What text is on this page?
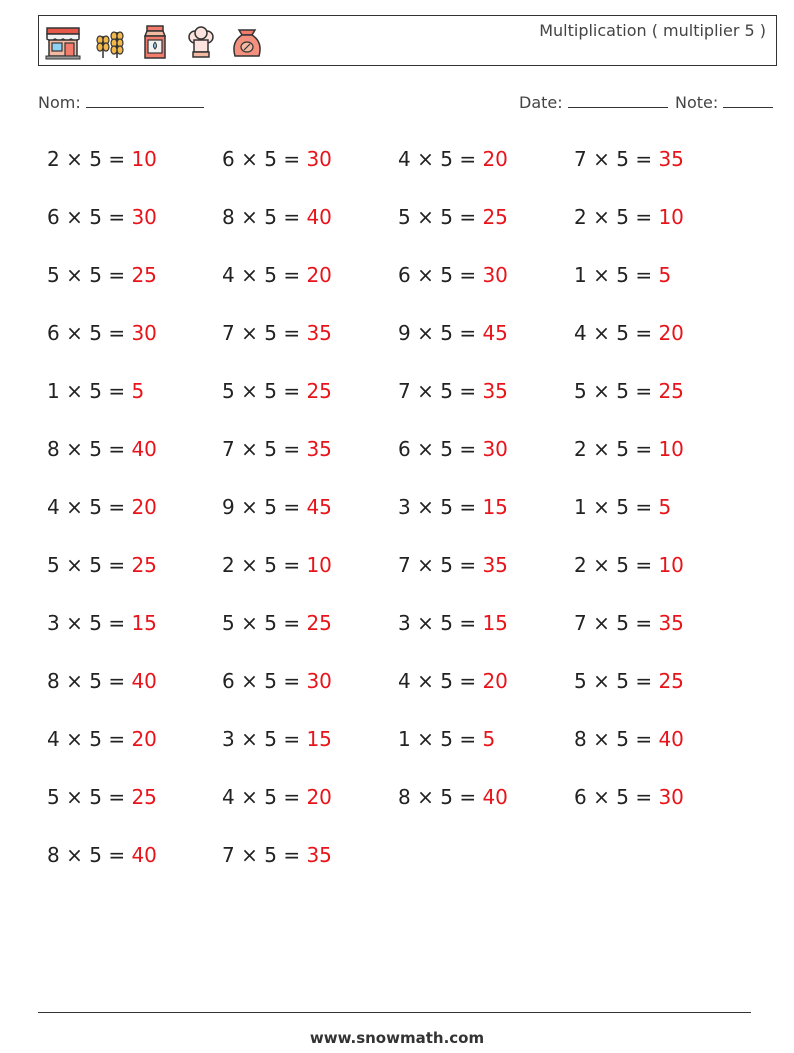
Multiplication ( multiplier 5 )
Nom:	Date:	Note:
2 × 5 = 10	6 × 5 = 30	4 × 5 = 20	7 × 5 = 35
6 × 5 = 30	8 × 5 = 40	5 × 5 = 25	2 × 5 = 10
5 × 5 = 25	4 × 5 = 20	6 × 5 = 30	1 × 5 = 5
6 × 5 = 30	7 × 5 = 35	9 × 5 = 45	4 × 5 = 20
1 × 5 = 5	5 × 5 = 25	7 × 5 = 35	5 × 5 = 25
8 × 5 = 40	7 × 5 = 35	6 × 5 = 30	2 × 5 = 10
4 × 5 = 20	9 × 5 = 45	3 × 5 = 15	1 × 5 = 5
5 × 5 = 25	2 × 5 = 10	7 × 5 = 35	2 × 5 = 10
3 × 5 = 15	5 × 5 = 25	3 × 5 = 15	7 × 5 = 35
8 × 5 = 40	6 × 5 = 30	4 × 5 = 20	5 × 5 = 25
4 × 5 = 20	3 × 5 = 15	1 × 5 = 5	8 × 5 = 40
5 × 5 = 25	4 × 5 = 20	8 × 5 = 40	6 × 5 = 30
8 × 5 = 40	7 × 5 = 35
www.snowmath.com
